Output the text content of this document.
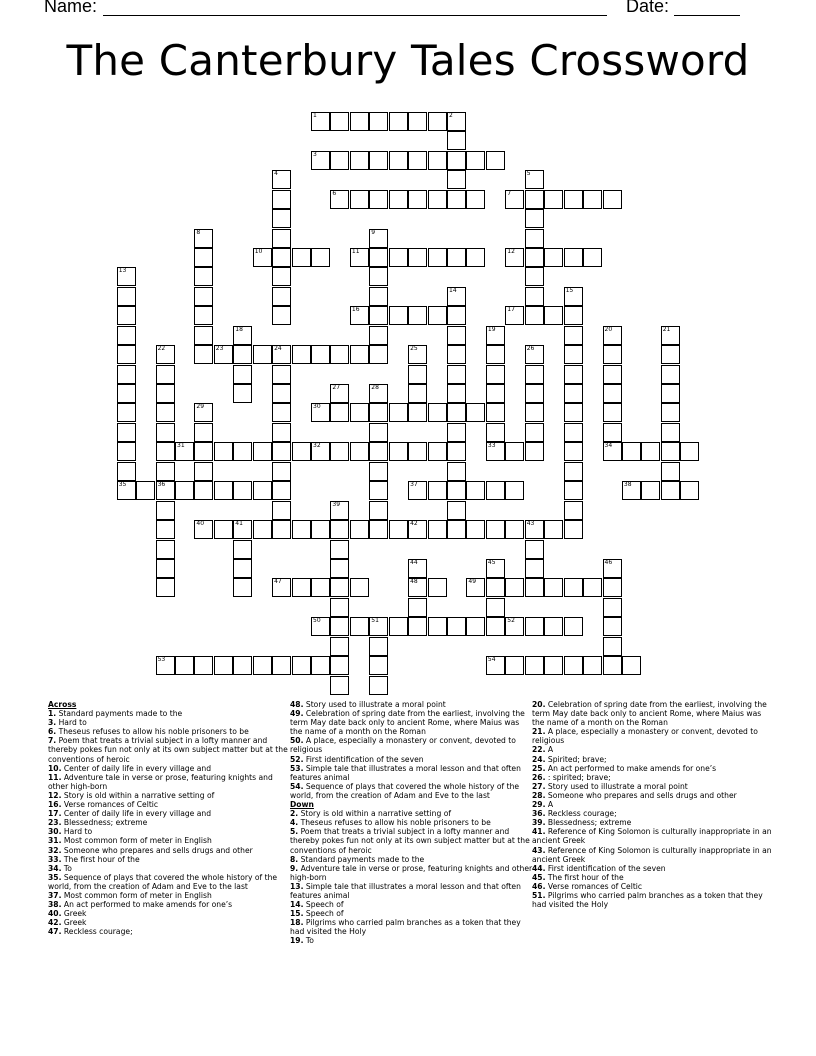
Name:	Date:
The Canterbury Tales Crossword
1
3
6	7
10	11	12
16	17
23	24
30
31	32	33	34
35	36	37	38
40	41	42	43
47	48	49
50	51	52
53	54
2
4	5
8	9
13
14	15
18	19	20	21
22	25	26
27	28
29
39
44	45	46
Across
1. Standard payments made to the
3. Hard to
6. Theseus refuses to allow his noble prisoners to be
7. Poem that treats a trivial subject in a lofty manner and thereby pokes fun not only at its own subject matter but at the conventions of heroic
10. Center of daily life in every village and
11. Adventure tale in verse or prose, featuring knights and other high-born
12. Story is old within a narrative setting of
16. Verse romances of Celtic
17. Center of daily life in every village and
23. Blessedness; extreme
30. Hard to
31. Most common form of meter in English
32. Someone who prepares and sells drugs and other
33. The first hour of the
34. To
35. Sequence of plays that covered the whole history of the world, from the creation of Adam and Eve to the last
37. Most common form of meter in English
38. An act performed to make amends for one’s
40. Greek
42. Greek
47. Reckless courage;
48. Story used to illustrate a moral point
49. Celebration of spring date from the earliest, involving the term May date back only to ancient Rome, where Maius was the name of a month on the Roman
50. A place, especially a monastery or convent, devoted to religious
52. First identification of the seven
53. Simple tale that illustrates a moral lesson and that often features animal
54. Sequence of plays that covered the whole history of the world, from the creation of Adam and Eve to the last
Down
2. Story is old within a narrative setting of
4. Theseus refuses to allow his noble prisoners to be
5. Poem that treats a trivial subject in a lofty manner and thereby pokes fun not only at its own subject matter but at the conventions of heroic
8. Standard payments made to the
9. Adventure tale in verse or prose, featuring knights and other high-born
13. Simple tale that illustrates a moral lesson and that often features animal
14. Speech of
15. Speech of
18. Pilgrims who carried palm branches as a token that they had visited the Holy
19. To
20. Celebration of spring date from the earliest, involving the term May date back only to ancient Rome, where Maius was the name of a month on the Roman
21. A place, especially a monastery or convent, devoted to religious
22. A
24. Spirited; brave;
25. An act performed to make amends for one’s
26. : spirited; brave;
27. Story used to illustrate a moral point
28. Someone who prepares and sells drugs and other
29. A
36. Reckless courage;
39. Blessedness; extreme
41. Reference of King Solomon is culturally inappropriate in an ancient Greek
43. Reference of King Solomon is culturally inappropriate in an ancient Greek
44. First identification of the seven
45. The first hour of the
46. Verse romances of Celtic
51. Pilgrims who carried palm branches as a token that they had visited the Holy
